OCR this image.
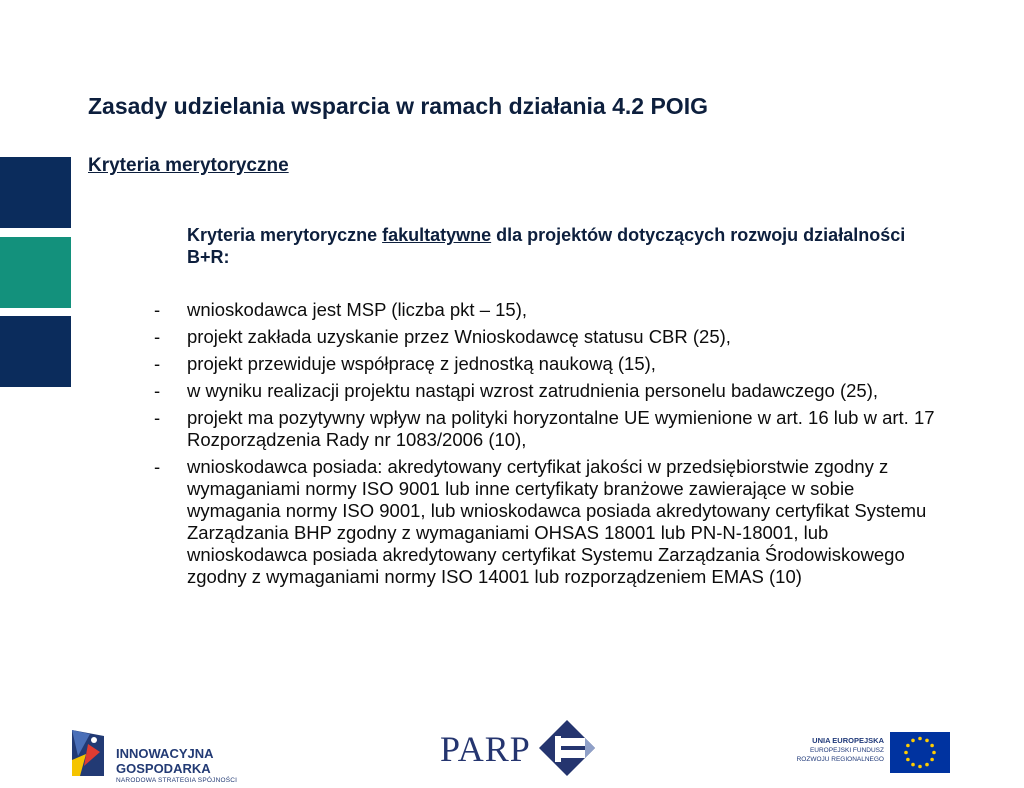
Zasady udzielania wsparcia w ramach działania 4.2 POIG
Kryteria merytoryczne

Kryteria merytoryczne fakultatywne dla projektów dotyczących rozwoju działalności B+R:

- wnioskodawca jest MSP (liczba pkt – 15),
- projekt zakłada uzyskanie przez Wnioskodawcę statusu CBR (25),
- projekt przewiduje współpracę z jednostką naukową (15),
- w wyniku realizacji projektu nastąpi wzrost zatrudnienia personelu badawczego (25),
- projekt ma pozytywny wpływ na polityki horyzontalne UE wymienione w art. 16 lub w art. 17 Rozporządzenia Rady nr 1083/2006 (10),
- wnioskodawca posiada: akredytowany certyfikat jakości w przedsiębiorstwie zgodny z wymaganiami normy ISO 9001 lub inne certyfikaty branżowe zawierające w sobie wymagania normy ISO 9001, lub wnioskodawca posiada akredytowany certyfikat Systemu Zarządzania BHP zgodny z wymaganiami OHSAS 18001 lub PN-N-18001, lub wnioskodawca posiada akredytowany certyfikat Systemu Zarządzania Środowiskowego zgodny z wymaganiami normy ISO 14001 lub rozporządzeniem EMAS (10)
INNOWACYJNA
GOSPODARKA
NARODOWA STRATEGIA SPÓJNOŚCI
PARP	UNIA EUROPEJSKA
EUROPEJSKI FUNDUSZ
ROZWOJU REGIONALNEGO
